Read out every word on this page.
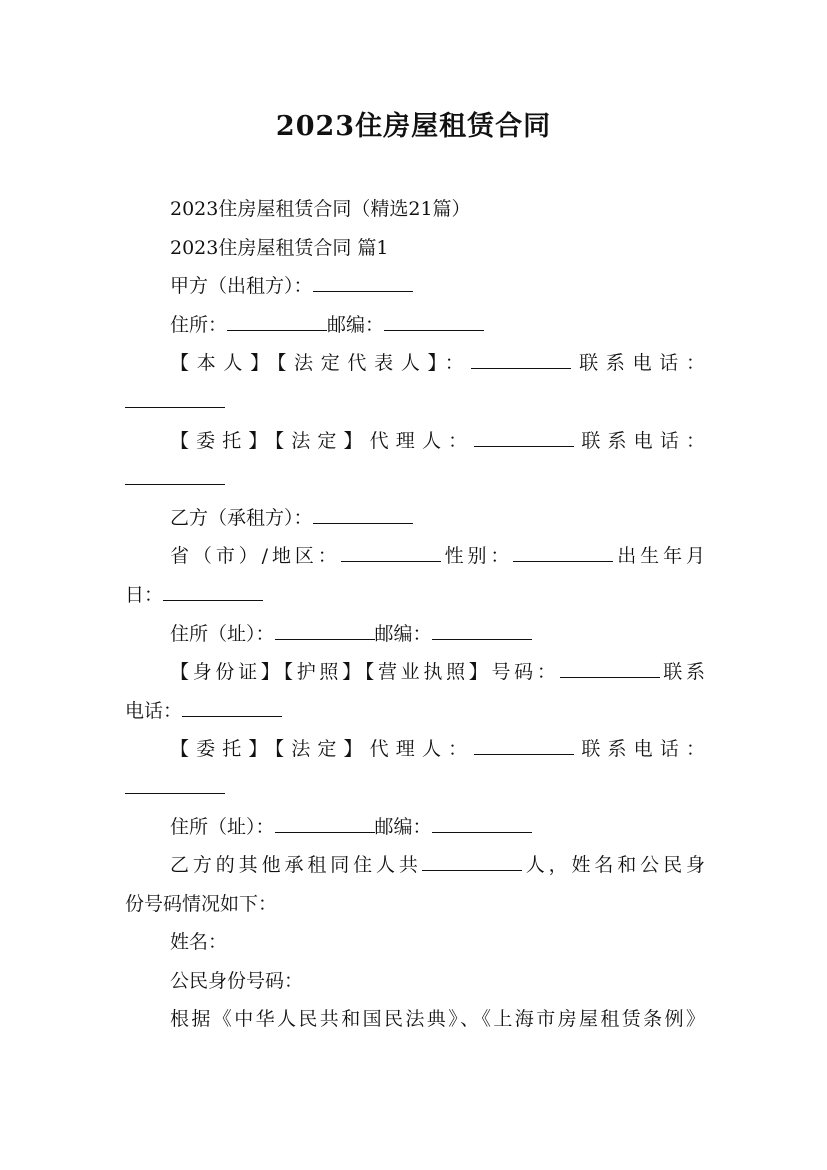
2023住房屋租赁合同
2023住房屋租赁合同（精选21篇）
2023住房屋租赁合同 篇1
甲方（出租方）：
住所：	邮编：
【本人】【法定代表人】：	联系电话：
【委托】【法定】代理人：	联系电话：
乙方（承租方）：
省（市）/地区：	性别：	出生年月
日：
住所（址）：	邮编：
【身份证】【护照】【营业执照】号码：	联系
电话：
【委托】【法定】代理人：	联系电话：
住所（址）：	邮编：
乙方的其他承租同住人共	人，姓名和公民身
份号码情况如下：
姓名：
公民身份号码：
根据《中华人民共和国民法典》、《上海市房屋租赁条例》
